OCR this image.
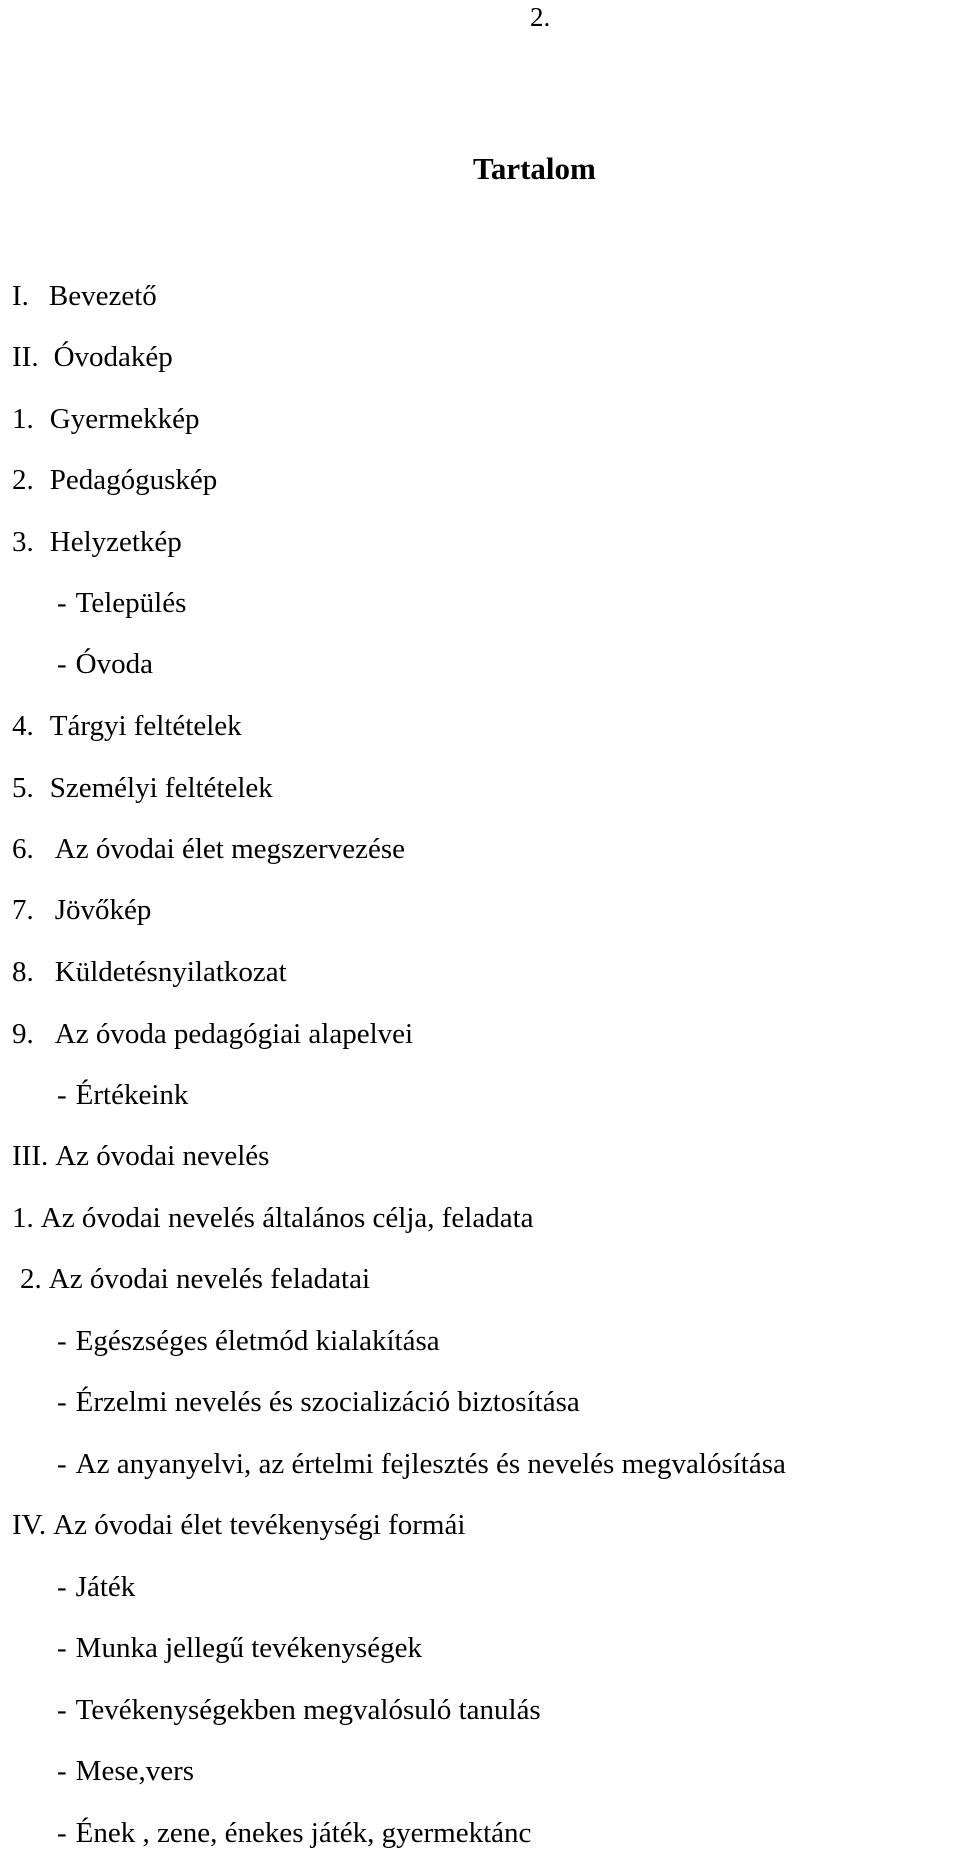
2.
Tartalom
I. Bevezető
II. Óvodakép
1. Gyermekkép
2. Pedagóguskép
3. Helyzetkép
- Település
- Óvoda
4. Tárgyi feltételek
5. Személyi feltételek
6. Az óvodai élet megszervezése
7. Jövőkép
8. Küldetésnyilatkozat
9. Az óvoda pedagógiai alapelvei
- Értékeink
III. Az óvodai nevelés
1. Az óvodai nevelés általános célja, feladata
2. Az óvodai nevelés feladatai
- Egészséges életmód kialakítása
- Érzelmi nevelés és szocializáció biztosítása
- Az anyanyelvi, az értelmi fejlesztés és nevelés megvalósítása
IV. Az óvodai élet tevékenységi formái
- Játék
- Munka jellegű tevékenységek
- Tevékenységekben megvalósuló tanulás
- Mese,vers
- Ének , zene, énekes játék, gyermektánc
